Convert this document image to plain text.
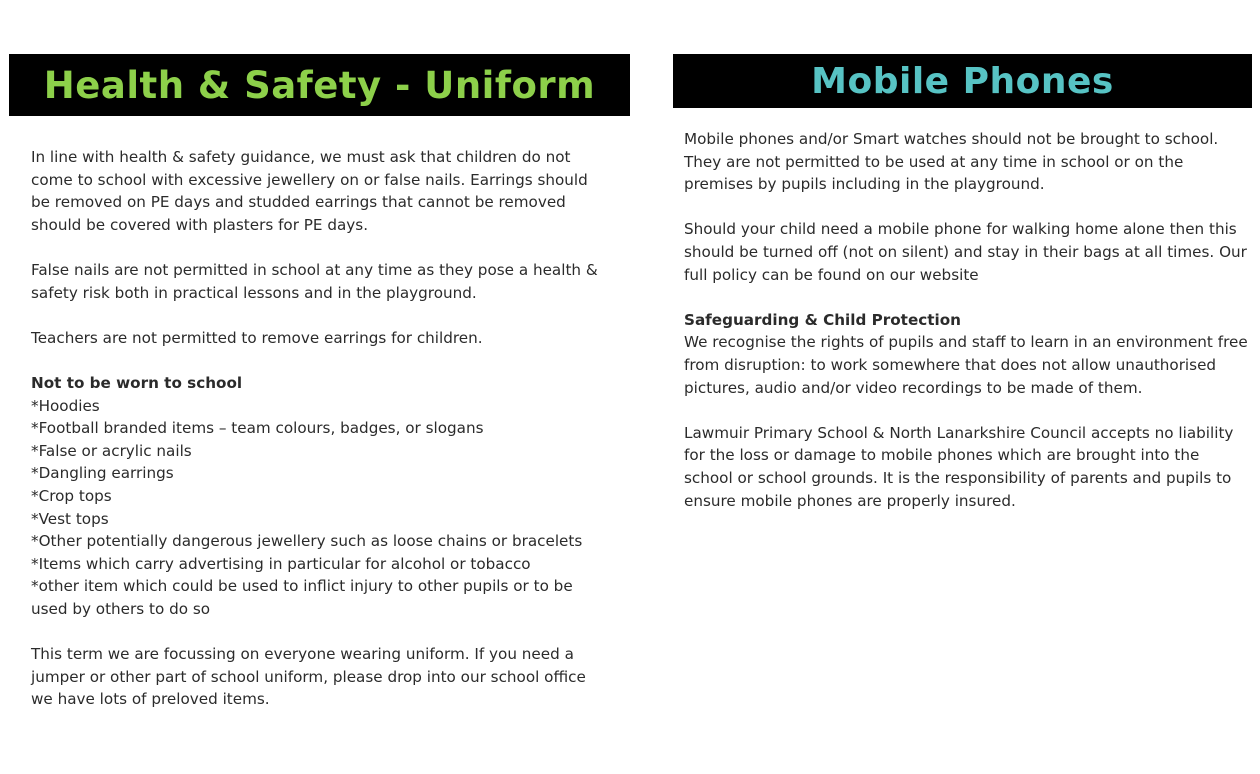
Health & Safety - Uniform	Mobile Phones

In line with health & safety guidance, we must ask that children do not come to school with excessive jewellery on or false nails. Earrings should be removed on PE days and studded earrings that cannot be removed should be covered with plasters for PE days.

False nails are not permitted in school at any time as they pose a health & safety risk both in practical lessons and in the playground.

Teachers are not permitted to remove earrings for children.

Not to be worn to school

*Hoodies
*Football branded items – team colours, badges, or slogans
*False or acrylic nails
*Dangling earrings
*Crop tops
*Vest tops
*Other potentially dangerous jewellery such as loose chains or bracelets
*Items which carry advertising in particular for alcohol or tobacco
*other item which could be used to inflict injury to other pupils or to be used by others to do so

This term we are focussing on everyone wearing uniform. If you need a jumper or other part of school uniform, please drop into our school office we have lots of preloved items.

Mobile phones and/or Smart watches should not be brought to school. They are not permitted to be used at any time in school or on the premises by pupils including in the playground.

Should your child need a mobile phone for walking home alone then this should be turned off (not on silent) and stay in their bags at all times. Our full policy can be found on our website

Safeguarding & Child Protection

We recognise the rights of pupils and staff to learn in an environment free from disruption: to work somewhere that does not allow unauthorised pictures, audio and/or video recordings to be made of them.

Lawmuir Primary School & North Lanarkshire Council accepts no liability for the loss or damage to mobile phones which are brought into the school or school grounds. It is the responsibility of parents and pupils to ensure mobile phones are properly insured.
